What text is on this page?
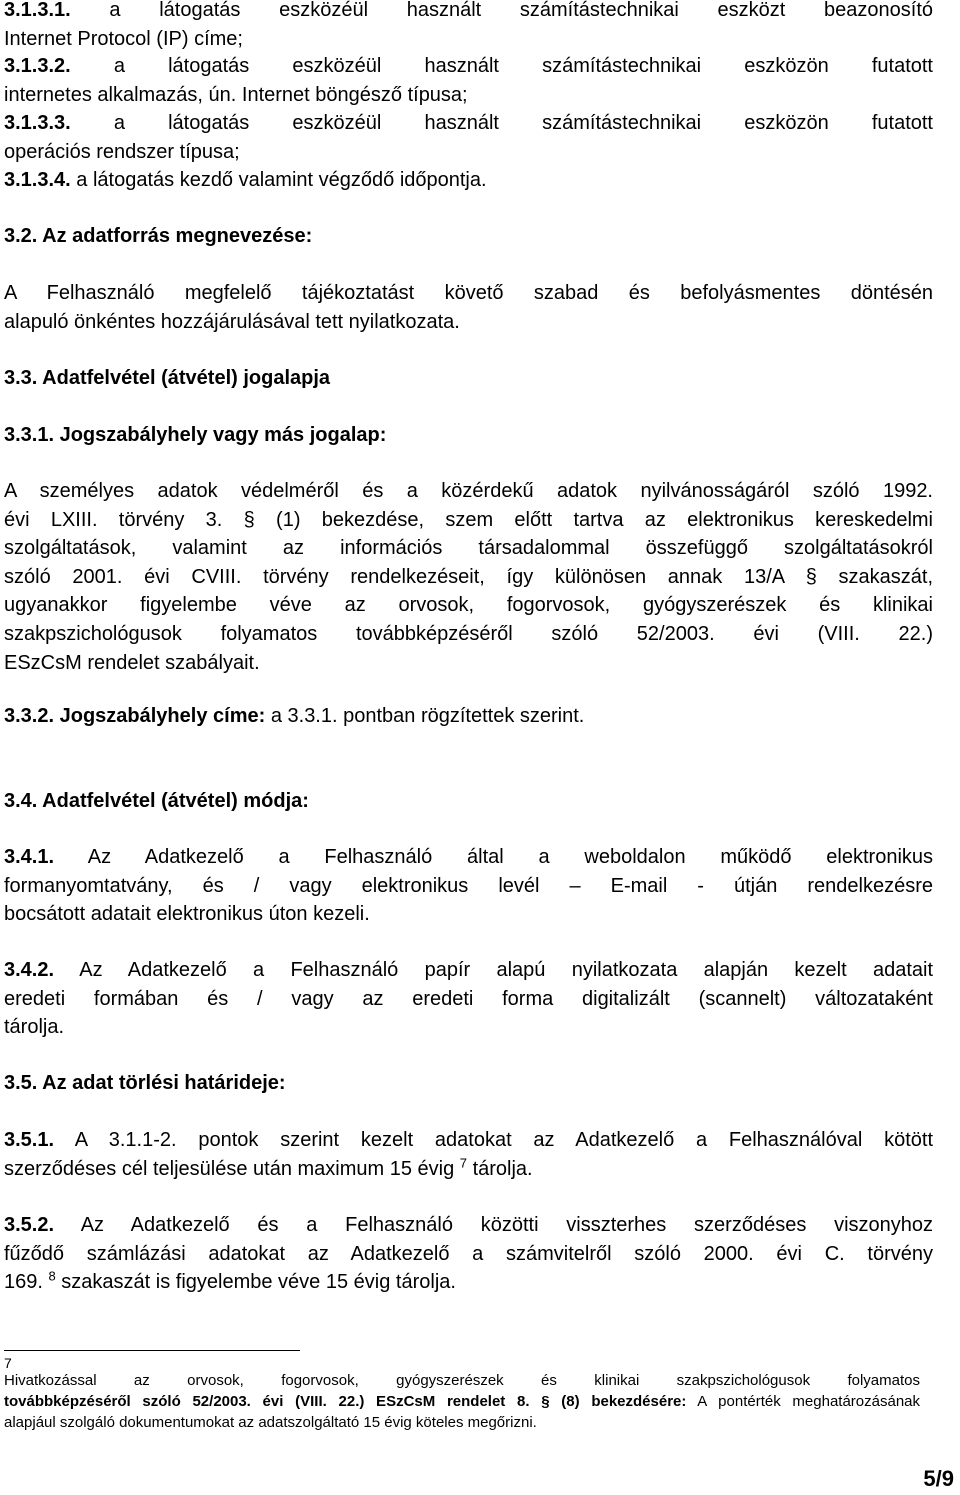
3.1.3.1. a látogatás eszközéül használt számítástechnikai eszközt beazonosító
Internet Protocol (IP) címe;
3.1.3.2. a látogatás eszközéül használt számítástechnikai eszközön futatott
internetes alkalmazás, ún. Internet böngésző típusa;
3.1.3.3. a látogatás eszközéül használt számítástechnikai eszközön futatott
operációs rendszer típusa;
3.1.3.4. a látogatás kezdő valamint végződő időpontja.
3.2. Az adatforrás megnevezése:
A Felhasználó megfelelő tájékoztatást követő szabad és befolyásmentes döntésén
alapuló önkéntes hozzájárulásával tett nyilatkozata.
3.3. Adatfelvétel (átvétel) jogalapja
3.3.1. Jogszabályhely vagy más jogalap:
A személyes adatok védelméről és a közérdekű adatok nyilvánosságáról szóló 1992.
évi LXIII. törvény 3. § (1) bekezdése, szem előtt tartva az elektronikus kereskedelmi
szolgáltatások, valamint az információs társadalommal összefüggő szolgáltatásokról
szóló 2001. évi CVIII. törvény rendelkezéseit, így különösen annak 13/A § szakaszát,
ugyanakkor figyelembe véve az orvosok, fogorvosok, gyógyszerészek és klinikai
szakpszichológusok folyamatos továbbképzéséről szóló 52/2003. évi (VIII. 22.)
ESzCsM rendelet szabályait.
3.3.2. Jogszabályhely címe: a 3.3.1. pontban rögzítettek szerint.
3.4. Adatfelvétel (átvétel) módja:
3.4.1. Az Adatkezelő a Felhasználó által a weboldalon működő elektronikus
formanyomtatvány, és / vagy elektronikus levél – E-mail - útján rendelkezésre
bocsátott adatait elektronikus úton kezeli.
3.4.2. Az Adatkezelő a Felhasználó papír alapú nyilatkozata alapján kezelt adatait
eredeti formában és / vagy az eredeti forma digitalizált (scannelt) változataként
tárolja.
3.5. Az adat törlési határideje:
3.5.1. A 3.1.1-2. pontok szerint kezelt adatokat az Adatkezelő a Felhasználóval kötött
szerződéses cél teljesülése után maximum 15 évig $^7$ tárolja.
3.5.2. Az Adatkezelő és a Felhasználó közötti visszterhes szerződéses viszonyhoz
fűződő számlázási adatokat az Adatkezelő a számvitelről szóló 2000. évi C. törvény
169. $^8$ szakaszát is figyelembe véve 15 évig tárolja.
7
Hivatkozással az orvosok, fogorvosok, gyógyszerészek és klinikai szakpszichológusok folyamatos
továbbképzéséről szóló 52/2003. évi (VIII. 22.) ESzCsM rendelet 8. § (8) bekezdésére: A pontérték meghatározásának
alapjául szolgáló dokumentumokat az adatszolgáltató 15 évig köteles megőrizni.
5/9
